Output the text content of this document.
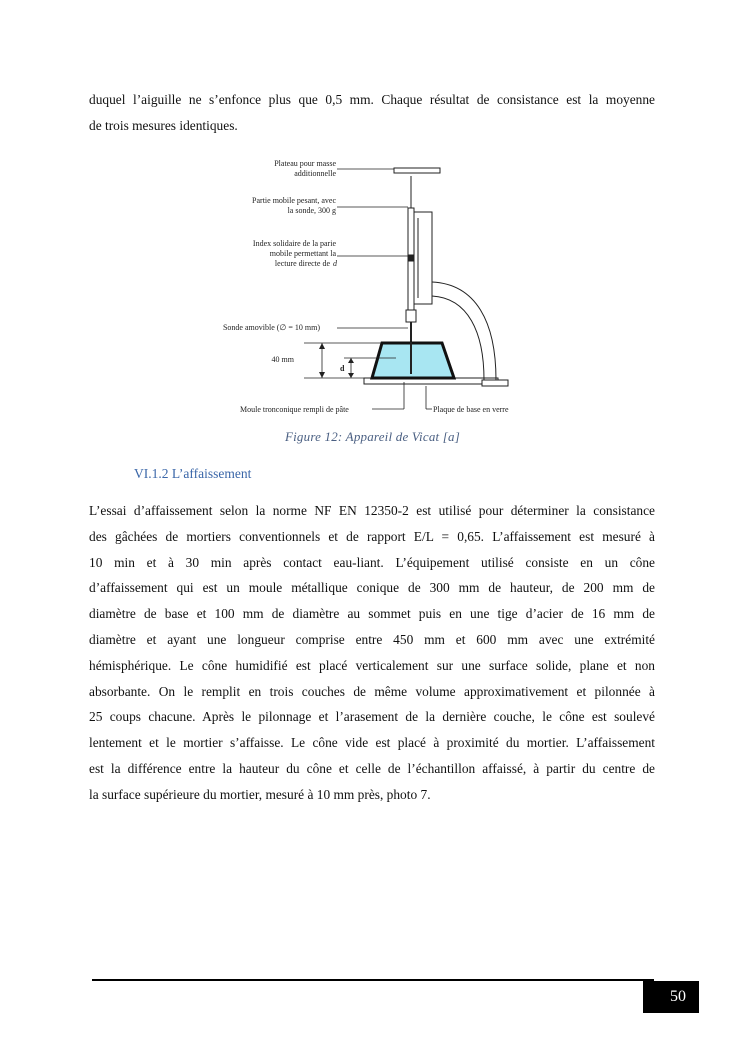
duquel l’aiguille ne s’enfonce plus que 0,5 mm. Chaque résultat de consistance est la moyenne
de trois mesures identiques.
Plateau pour masse
additionnelle
Partie mobile pesant, avec
la sonde, 300 g
Index solidaire de la parie
mobile permettant la
lecture directe de d
Sonde amovible (∅ = 10 mm)
40 mm
d
Moule tronconique rempli de pâte	Plaque de base en verre
Figure 12: Appareil de Vicat [a]
VI.1.2 L’affaissement
L’essai d’affaissement selon la norme NF EN 12350-2 est utilisé pour déterminer la consistance
des gâchées de mortiers conventionnels et de rapport E/L = 0,65. L’affaissement est mesuré à
10 min et à 30 min après contact eau-liant. L’équipement utilisé consiste en un cône
d’affaissement qui est un moule métallique conique de 300 mm de hauteur, de 200 mm de
diamètre de base et 100 mm de diamètre au sommet puis en une tige d’acier de 16 mm de
diamètre et ayant une longueur comprise entre 450 mm et 600 mm avec une extrémité
hémisphérique. Le cône humidifié est placé verticalement sur une surface solide, plane et non
absorbante. On le remplit en trois couches de même volume approximativement et pilonnée à
25 coups chacune. Après le pilonnage et l’arasement de la dernière couche, le cône est soulevé
lentement et le mortier s’affaisse. Le cône vide est placé à proximité du mortier. L’affaissement
est la différence entre la hauteur du cône et celle de l’échantillon affaissé, à partir du centre de
la surface supérieure du mortier, mesuré à 10 mm près, photo 7.
50
